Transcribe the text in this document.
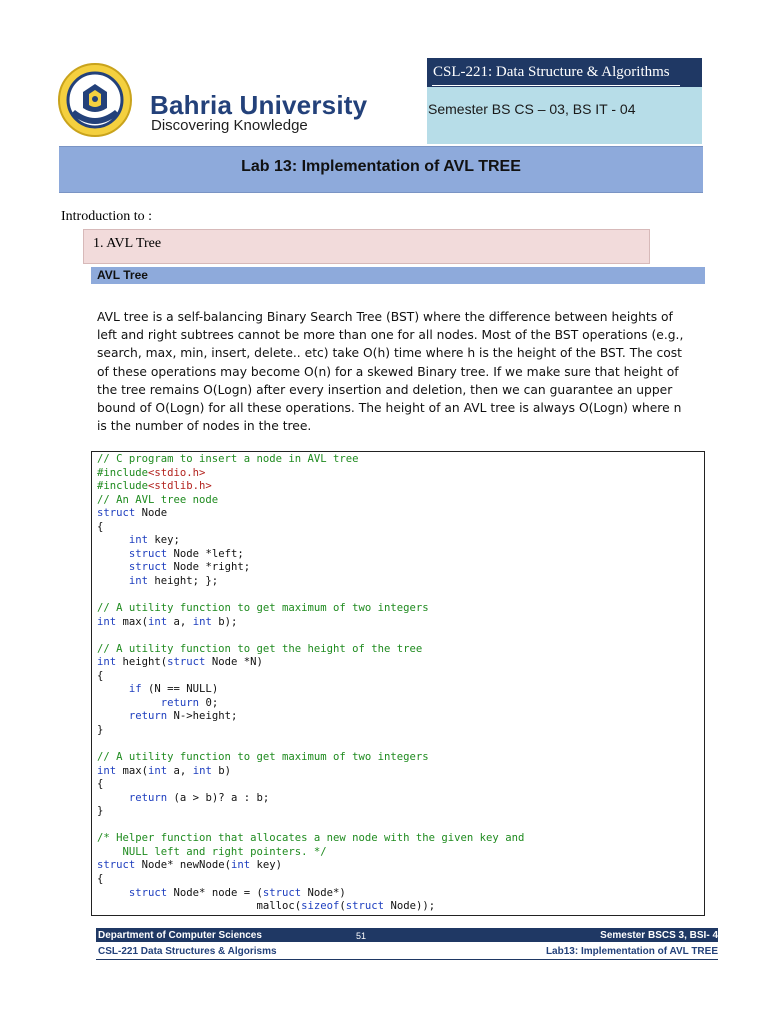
Bahria University
Discovering Knowledge
CSL-221: Data Structure & Algorithms
Semester BS CS – 03, BS IT - 04
Lab 13: Implementation of AVL TREE
Introduction to :
1. AVL Tree
AVL Tree
AVL tree is a self-balancing Binary Search Tree (BST) where the difference between heights of
left and right subtrees cannot be more than one for all nodes. Most of the BST operations (e.g.,
search, max, min, insert, delete.. etc) take O(h) time where h is the height of the BST. The cost
of these operations may become O(n) for a skewed Binary tree. If we make sure that height of
the tree remains O(Logn) after every insertion and deletion, then we can guarantee an upper
bound of O(Logn) for all these operations. The height of an AVL tree is always O(Logn) where n
is the number of nodes in the tree.
// C program to insert a node in AVL tree
#include<stdio.h>
#include<stdlib.h>
// An AVL tree node
struct Node
{
int key;
struct Node *left;
struct Node *right;
int height; };
// A utility function to get maximum of two integers
int max(int a, int b);
// A utility function to get the height of the tree
int height(struct Node *N)
{
if (N == NULL)
return 0;
return N->height;
}
// A utility function to get maximum of two integers
int max(int a, int b)
{
return (a > b)? a : b;
}
/* Helper function that allocates a new node with the given key and
NULL left and right pointers. */
struct Node* newNode(int key)
{
struct Node* node = (struct Node*)
malloc(sizeof(struct Node));
Department of Computer Sciences	51	Semester BSCS 3, BSI- 4
CSL-221 Data Structures & Algorisms	Lab13: Implementation of AVL TREE
